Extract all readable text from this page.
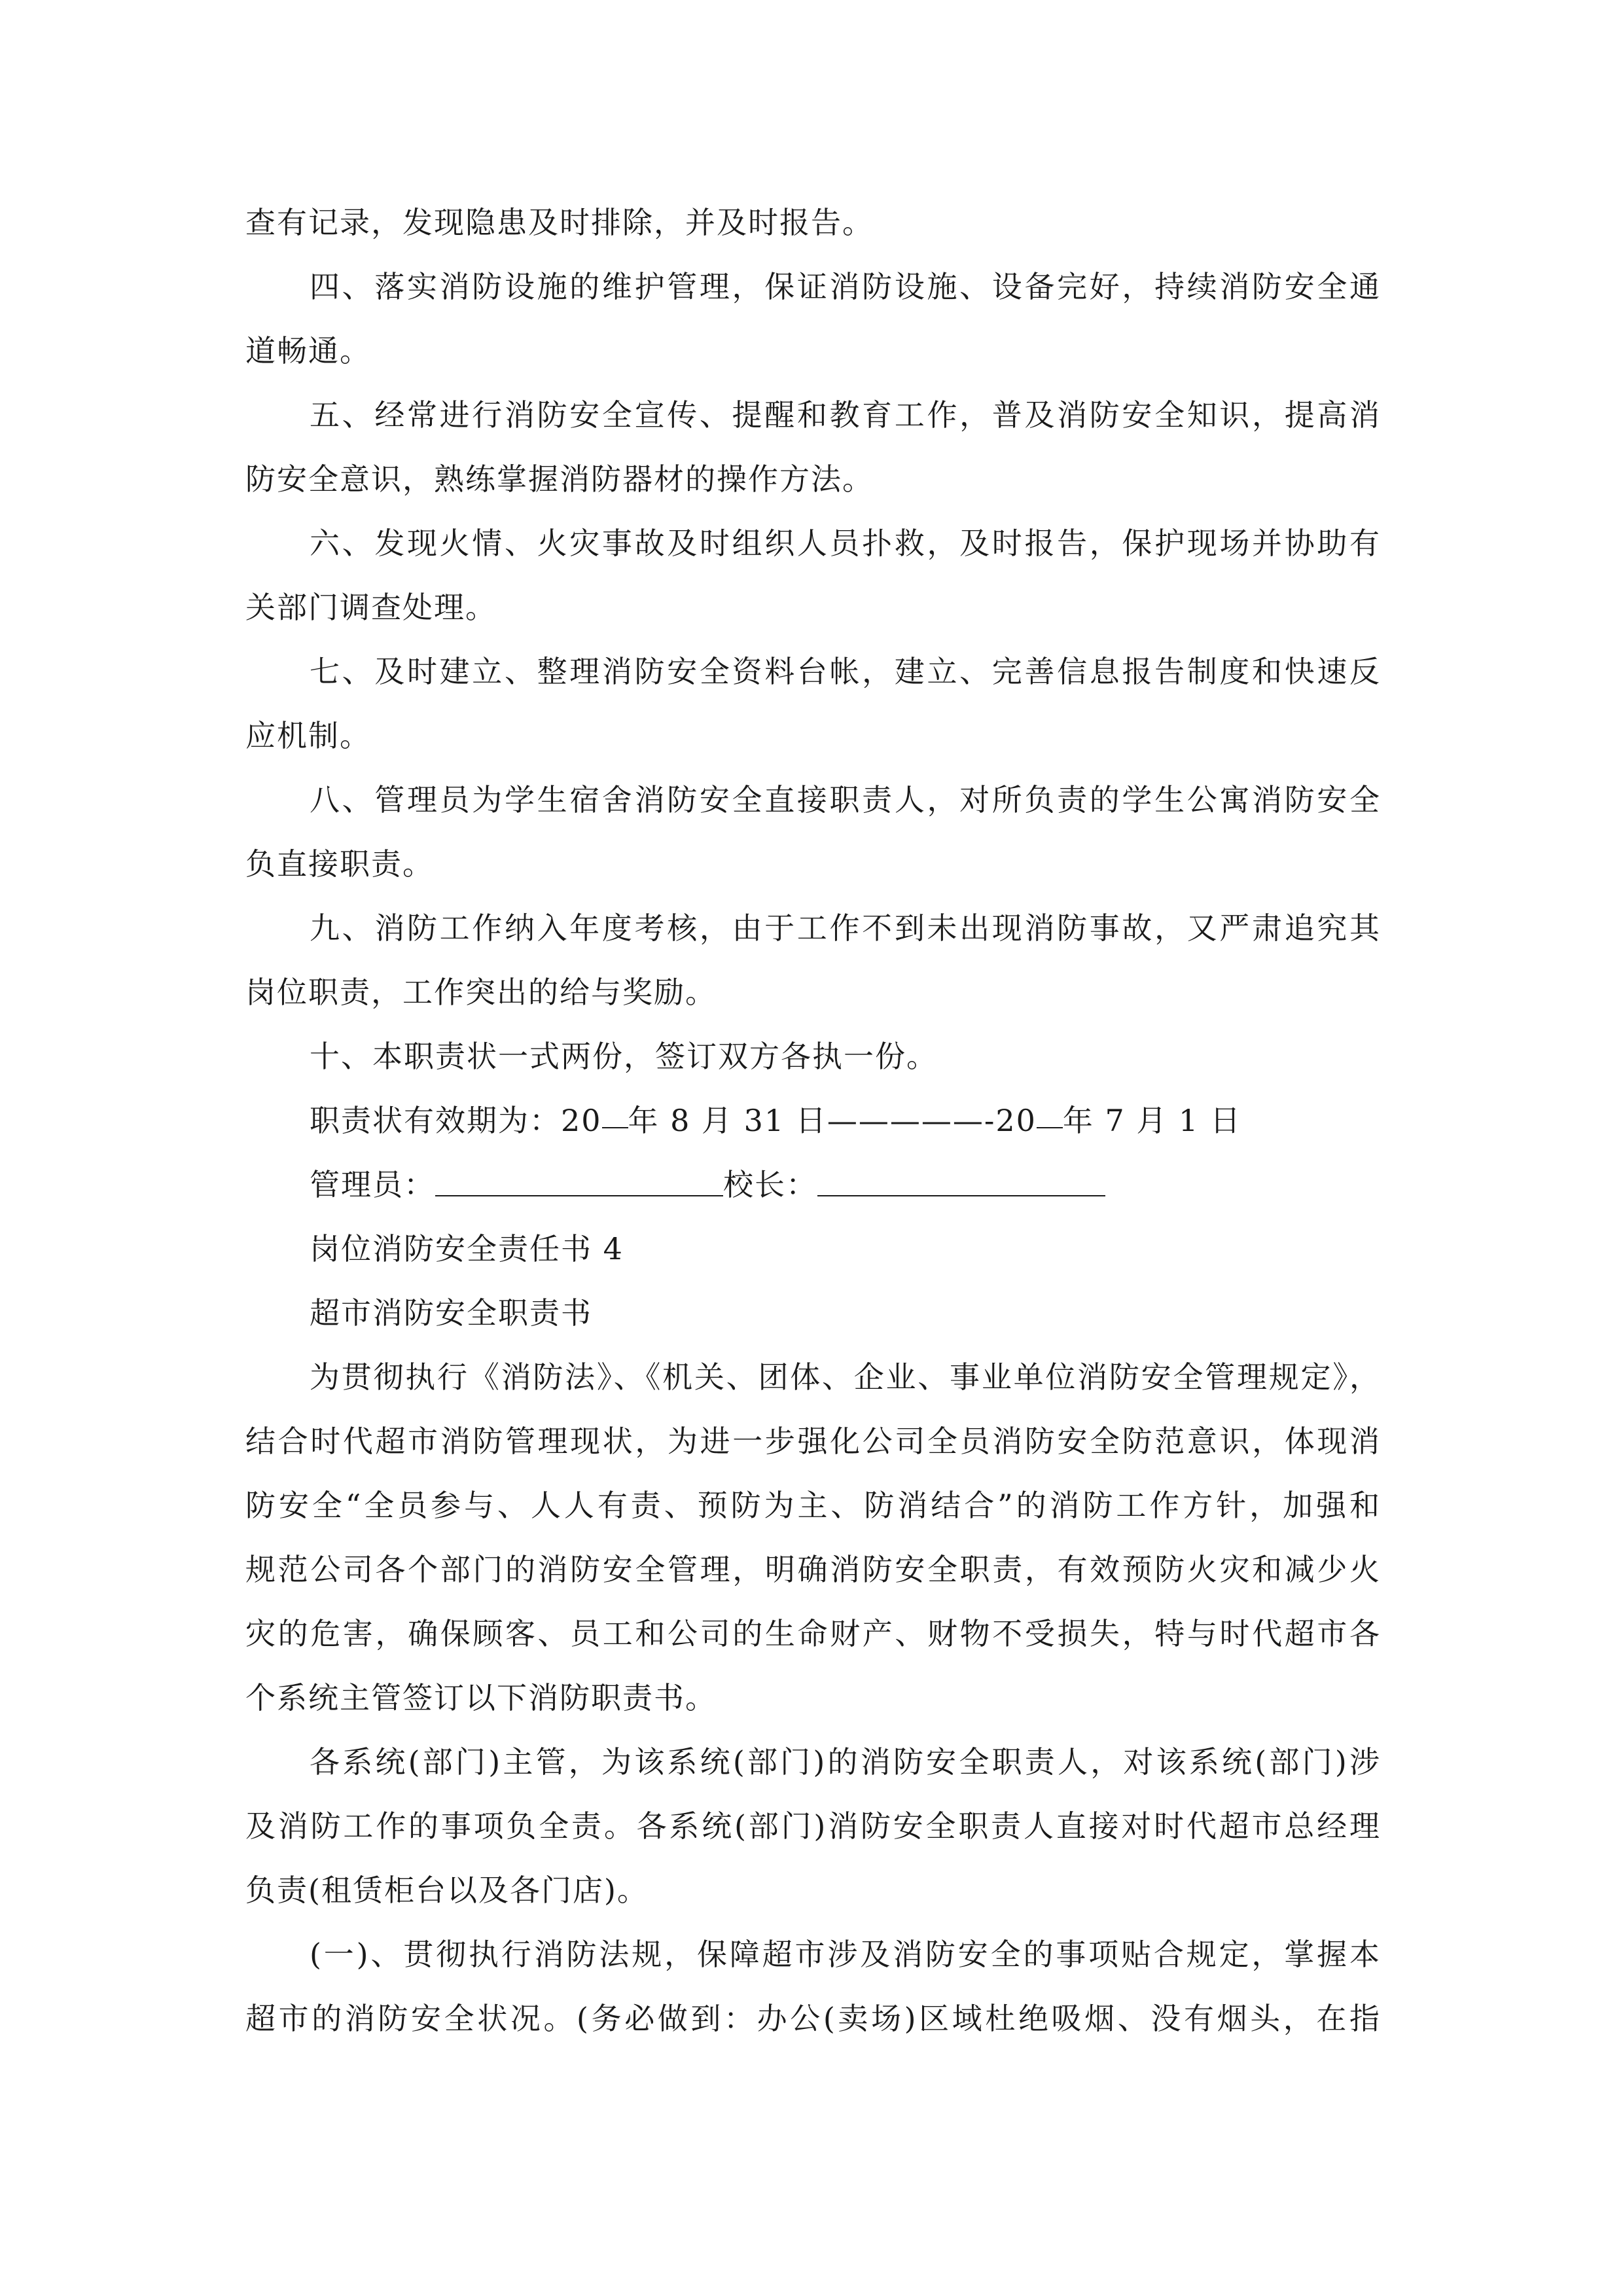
查有记录，发现隐患及时排除，并及时报告。
四、落实消防设施的维护管理，保证消防设施、设备完好，持续消防安全通
道畅通。
五、经常进行消防安全宣传、提醒和教育工作，普及消防安全知识，提高消
防安全意识，熟练掌握消防器材的操作方法。
六、发现火情、火灾事故及时组织人员扑救，及时报告，保护现场并协助有
关部门调查处理。
七、及时建立、整理消防安全资料台帐，建立、完善信息报告制度和快速反
应机制。
八、管理员为学生宿舍消防安全直接职责人，对所负责的学生公寓消防安全
负直接职责。
九、消防工作纳入年度考核，由于工作不到未出现消防事故，又严肃追究其
岗位职责，工作突出的给与奖励。
十、本职责状一式两份，签订双方各执一份。
职责状有效期为：20 年 8 月 31 日—————-20 年 7 月 1 日
管理员：	校长：
岗位消防安全责任书 4
超市消防安全职责书
为贯彻执行《消防法》、《机关、团体、企业、事业单位消防安全管理规定》，
结合时代超市消防管理现状，为进一步强化公司全员消防安全防范意识，体现消
防安全“全员参与、人人有责、预防为主、防消结合”的消防工作方针，加强和
规范公司各个部门的消防安全管理，明确消防安全职责，有效预防火灾和减少火
灾的危害，确保顾客、员工和公司的生命财产、财物不受损失，特与时代超市各
个系统主管签订以下消防职责书。
各系统(部门)主管，为该系统(部门)的消防安全职责人，对该系统(部门)涉
及消防工作的事项负全责。各系统(部门)消防安全职责人直接对时代超市总经理
负责(租赁柜台以及各门店)。
(一)、贯彻执行消防法规，保障超市涉及消防安全的事项贴合规定，掌握本
超市的消防安全状况。(务必做到：办公(卖场)区域杜绝吸烟、没有烟头，在指
